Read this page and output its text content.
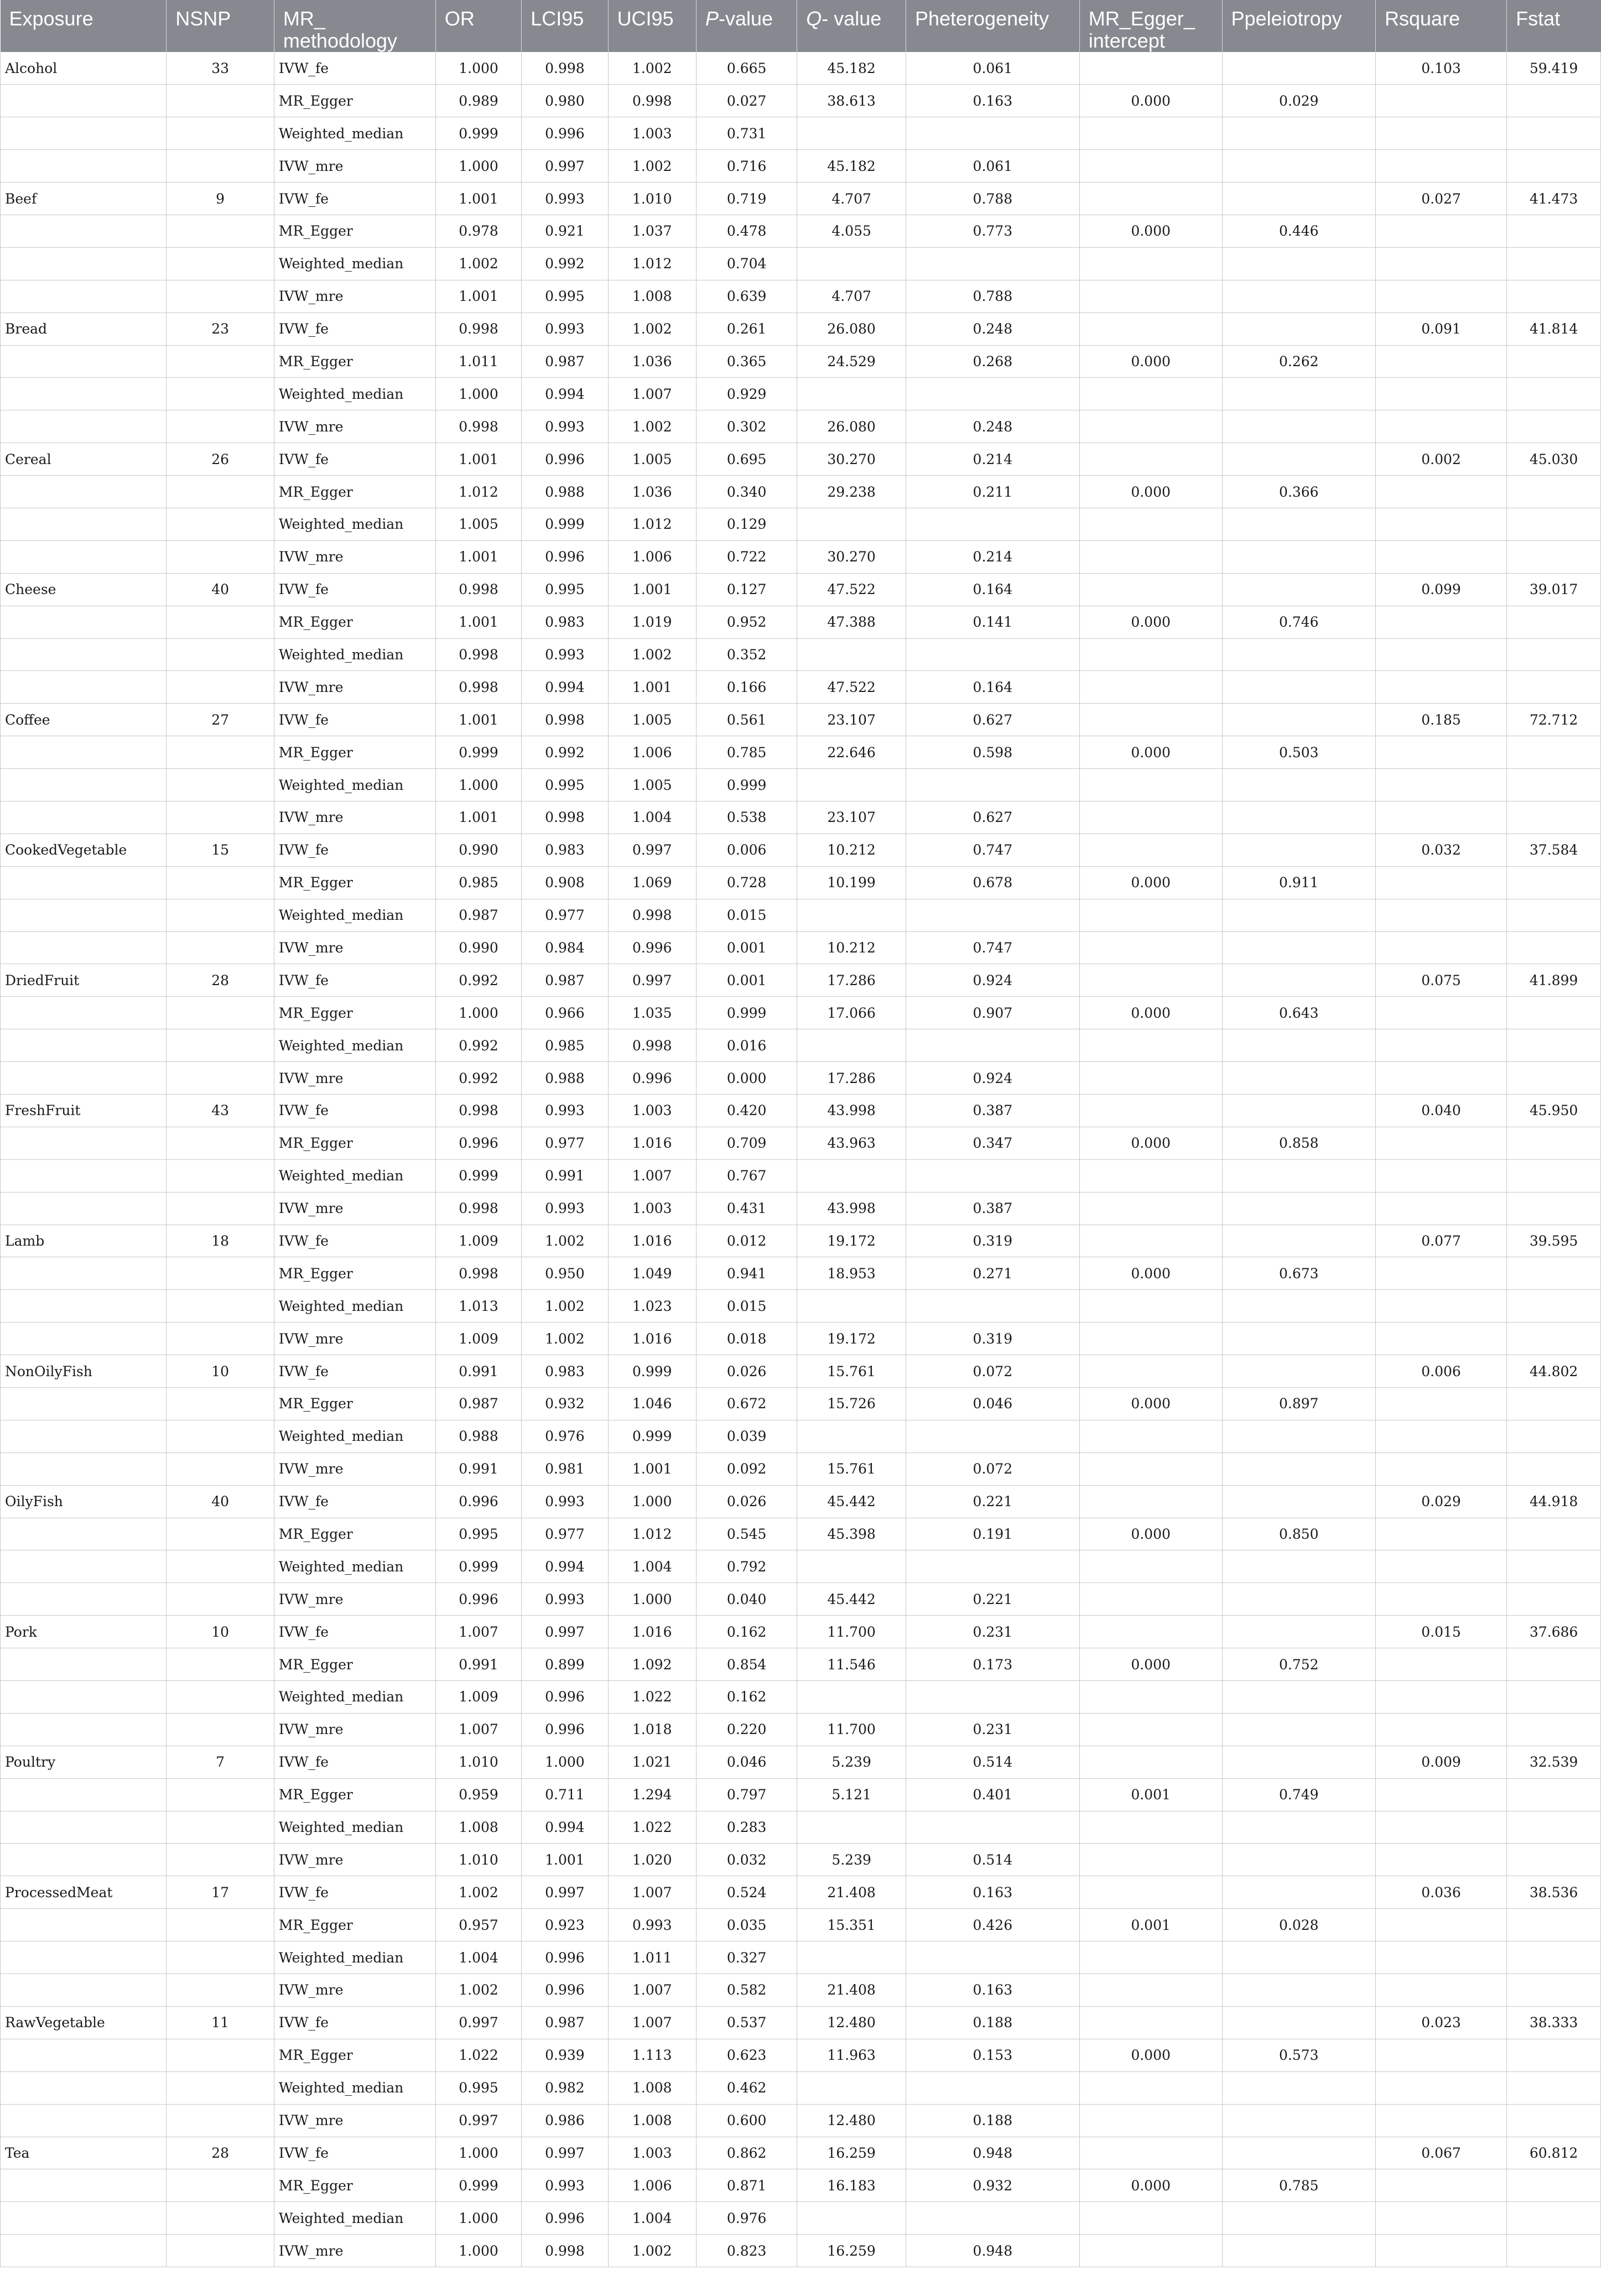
Exposure	NSNP	MR_ methodology	OR	LCI95	UCI95	P-value	Q- value	Pheterogeneity	MR_Egger_ intercept	Ppeleiotropy	Rsquare	Fstat
Alcohol	33	IVW_fe	1.000	0.998	1.002	0.665	45.182	0.061			0.103	59.419
		MR_Egger	0.989	0.980	0.998	0.027	38.613	0.163	0.000	0.029		
		Weighted_median	0.999	0.996	1.003	0.731						
		IVW_mre	1.000	0.997	1.002	0.716	45.182	0.061				
Beef	9	IVW_fe	1.001	0.993	1.010	0.719	4.707	0.788			0.027	41.473
		MR_Egger	0.978	0.921	1.037	0.478	4.055	0.773	0.000	0.446		
		Weighted_median	1.002	0.992	1.012	0.704						
		IVW_mre	1.001	0.995	1.008	0.639	4.707	0.788				
Bread	23	IVW_fe	0.998	0.993	1.002	0.261	26.080	0.248			0.091	41.814
		MR_Egger	1.011	0.987	1.036	0.365	24.529	0.268	0.000	0.262		
		Weighted_median	1.000	0.994	1.007	0.929						
		IVW_mre	0.998	0.993	1.002	0.302	26.080	0.248				
Cereal	26	IVW_fe	1.001	0.996	1.005	0.695	30.270	0.214			0.002	45.030
		MR_Egger	1.012	0.988	1.036	0.340	29.238	0.211	0.000	0.366		
		Weighted_median	1.005	0.999	1.012	0.129						
		IVW_mre	1.001	0.996	1.006	0.722	30.270	0.214				
Cheese	40	IVW_fe	0.998	0.995	1.001	0.127	47.522	0.164			0.099	39.017
		MR_Egger	1.001	0.983	1.019	0.952	47.388	0.141	0.000	0.746		
		Weighted_median	0.998	0.993	1.002	0.352						
		IVW_mre	0.998	0.994	1.001	0.166	47.522	0.164				
Coffee	27	IVW_fe	1.001	0.998	1.005	0.561	23.107	0.627			0.185	72.712
		MR_Egger	0.999	0.992	1.006	0.785	22.646	0.598	0.000	0.503		
		Weighted_median	1.000	0.995	1.005	0.999						
		IVW_mre	1.001	0.998	1.004	0.538	23.107	0.627				
CookedVegetable	15	IVW_fe	0.990	0.983	0.997	0.006	10.212	0.747			0.032	37.584
		MR_Egger	0.985	0.908	1.069	0.728	10.199	0.678	0.000	0.911		
		Weighted_median	0.987	0.977	0.998	0.015						
		IVW_mre	0.990	0.984	0.996	0.001	10.212	0.747				
DriedFruit	28	IVW_fe	0.992	0.987	0.997	0.001	17.286	0.924			0.075	41.899
		MR_Egger	1.000	0.966	1.035	0.999	17.066	0.907	0.000	0.643		
		Weighted_median	0.992	0.985	0.998	0.016						
		IVW_mre	0.992	0.988	0.996	0.000	17.286	0.924				
FreshFruit	43	IVW_fe	0.998	0.993	1.003	0.420	43.998	0.387			0.040	45.950
		MR_Egger	0.996	0.977	1.016	0.709	43.963	0.347	0.000	0.858		
		Weighted_median	0.999	0.991	1.007	0.767						
		IVW_mre	0.998	0.993	1.003	0.431	43.998	0.387				
Lamb	18	IVW_fe	1.009	1.002	1.016	0.012	19.172	0.319			0.077	39.595
		MR_Egger	0.998	0.950	1.049	0.941	18.953	0.271	0.000	0.673		
		Weighted_median	1.013	1.002	1.023	0.015						
		IVW_mre	1.009	1.002	1.016	0.018	19.172	0.319				
NonOilyFish	10	IVW_fe	0.991	0.983	0.999	0.026	15.761	0.072			0.006	44.802
		MR_Egger	0.987	0.932	1.046	0.672	15.726	0.046	0.000	0.897		
		Weighted_median	0.988	0.976	0.999	0.039						
		IVW_mre	0.991	0.981	1.001	0.092	15.761	0.072				
OilyFish	40	IVW_fe	0.996	0.993	1.000	0.026	45.442	0.221			0.029	44.918
		MR_Egger	0.995	0.977	1.012	0.545	45.398	0.191	0.000	0.850		
		Weighted_median	0.999	0.994	1.004	0.792						
		IVW_mre	0.996	0.993	1.000	0.040	45.442	0.221				
Pork	10	IVW_fe	1.007	0.997	1.016	0.162	11.700	0.231			0.015	37.686
		MR_Egger	0.991	0.899	1.092	0.854	11.546	0.173	0.000	0.752		
		Weighted_median	1.009	0.996	1.022	0.162						
		IVW_mre	1.007	0.996	1.018	0.220	11.700	0.231				
Poultry	7	IVW_fe	1.010	1.000	1.021	0.046	5.239	0.514			0.009	32.539
		MR_Egger	0.959	0.711	1.294	0.797	5.121	0.401	0.001	0.749		
		Weighted_median	1.008	0.994	1.022	0.283						
		IVW_mre	1.010	1.001	1.020	0.032	5.239	0.514				
ProcessedMeat	17	IVW_fe	1.002	0.997	1.007	0.524	21.408	0.163			0.036	38.536
		MR_Egger	0.957	0.923	0.993	0.035	15.351	0.426	0.001	0.028		
		Weighted_median	1.004	0.996	1.011	0.327						
		IVW_mre	1.002	0.996	1.007	0.582	21.408	0.163				
RawVegetable	11	IVW_fe	0.997	0.987	1.007	0.537	12.480	0.188			0.023	38.333
		MR_Egger	1.022	0.939	1.113	0.623	11.963	0.153	0.000	0.573		
		Weighted_median	0.995	0.982	1.008	0.462						
		IVW_mre	0.997	0.986	1.008	0.600	12.480	0.188				
Tea	28	IVW_fe	1.000	0.997	1.003	0.862	16.259	0.948			0.067	60.812
		MR_Egger	0.999	0.993	1.006	0.871	16.183	0.932	0.000	0.785		
		Weighted_median	1.000	0.996	1.004	0.976						
		IVW_mre	1.000	0.998	1.002	0.823	16.259	0.948				
